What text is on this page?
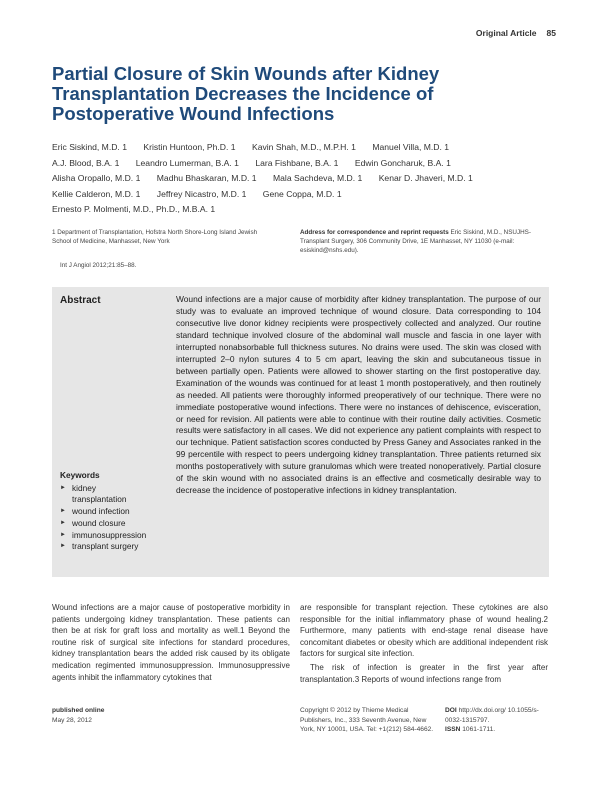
Original Article 85
Partial Closure of Skin Wounds after Kidney Transplantation Decreases the Incidence of Postoperative Wound Infections
Eric Siskind, M.D. 1 Kristin Huntoon, Ph.D. 1 Kavin Shah, M.D., M.P.H. 1 Manuel Villa, M.D. 1
A.J. Blood, B.A. 1 Leandro Lumerman, B.A. 1 Lara Fishbane, B.A. 1 Edwin Goncharuk, B.A. 1
Alisha Oropallo, M.D. 1 Madhu Bhaskaran, M.D. 1 Mala Sachdeva, M.D. 1 Kenar D. Jhaveri, M.D. 1
Kellie Calderon, M.D. 1 Jeffrey Nicastro, M.D. 1 Gene Coppa, M.D. 1
Ernesto P. Molmenti, M.D., Ph.D., M.B.A. 1
1 Department of Transplantation, Hofstra North Shore-Long Island Jewish School of Medicine, Manhasset, New York
Int J Angiol 2012;21:85–88.
Address for correspondence and reprint requests Eric Siskind, M.D., NSUJHS-Transplant Surgery, 306 Community Drive, 1E Manhasset, NY 11030 (e-mail: esiskind@nshs.edu).
Abstract	Wound infections are a major cause of morbidity after kidney transplantation. The purpose of our study was to evaluate an improved technique of wound closure. Data corresponding to 104 consecutive live donor kidney recipients were prospectively collected and analyzed. Our routine standard technique involved closure of the abdominal wall muscle and fascia in one layer with interrupted nonabsorbable full thickness sutures. No drains were used. The skin was closed with interrupted 2–0 nylon sutures 4 to 5 cm apart, leaving the skin and subcutaneous tissue in between partially open. Patients were allowed to shower starting on the first postoperative day. Examination of the wounds was continued for at least 1 month postoperatively, and then routinely as needed. All patients were thoroughly informed preoperatively of our technique. There were no immediate postoperative wound infections. There were no instances of dehiscence, evisceration, or need for revision. All patients were able to continue with their routine daily activities. Cosmetic results were satisfactory in all cases. We did not experience any patient complaints with respect to our technique. Patient satisfaction scores conducted by Press Ganey and Associates ranked in the 99 percentile with respect to peers undergoing kidney transplantation. Three patients returned six months postoperatively with suture granulomas which were treated nonoperatively. Partial closure of the skin wound with no associated drains is an effective and cosmetically desirable way to decrease the incidence of postoperative infections in kidney transplantation.

Keywords
► kidney
transplantation
► wound infection
► wound closure
► immunosuppression
► transplant surgery

Wound infections are a major cause of postoperative morbidity in patients undergoing kidney transplantation. These patients can then be at risk for graft loss and mortality as well.1 Beyond the routine risk of surgical site infections for standard procedures, kidney transplantation bears the added risk caused by its obligate medication regimented immunosuppression. Immunosuppressive agents inhibit the inflammatory cytokines that

are responsible for transplant rejection. These cytokines are also responsible for the initial inflammatory phase of wound healing.2 Furthermore, many patients with end-stage renal disease have concomitant diabetes or obesity which are additional independent risk factors for surgical site infection.
The risk of infection is greater in the first year after transplantation.3 Reports of wound infections range from
published online
May 28, 2012
Copyright © 2012 by Thieme Medical Publishers, Inc., 333 Seventh Avenue, New York, NY 10001, USA. Tel: +1(212) 584-4662.
DOI http://dx.doi.org/ 10.1055/s-0032-1315797.
ISSN 1061-1711.
